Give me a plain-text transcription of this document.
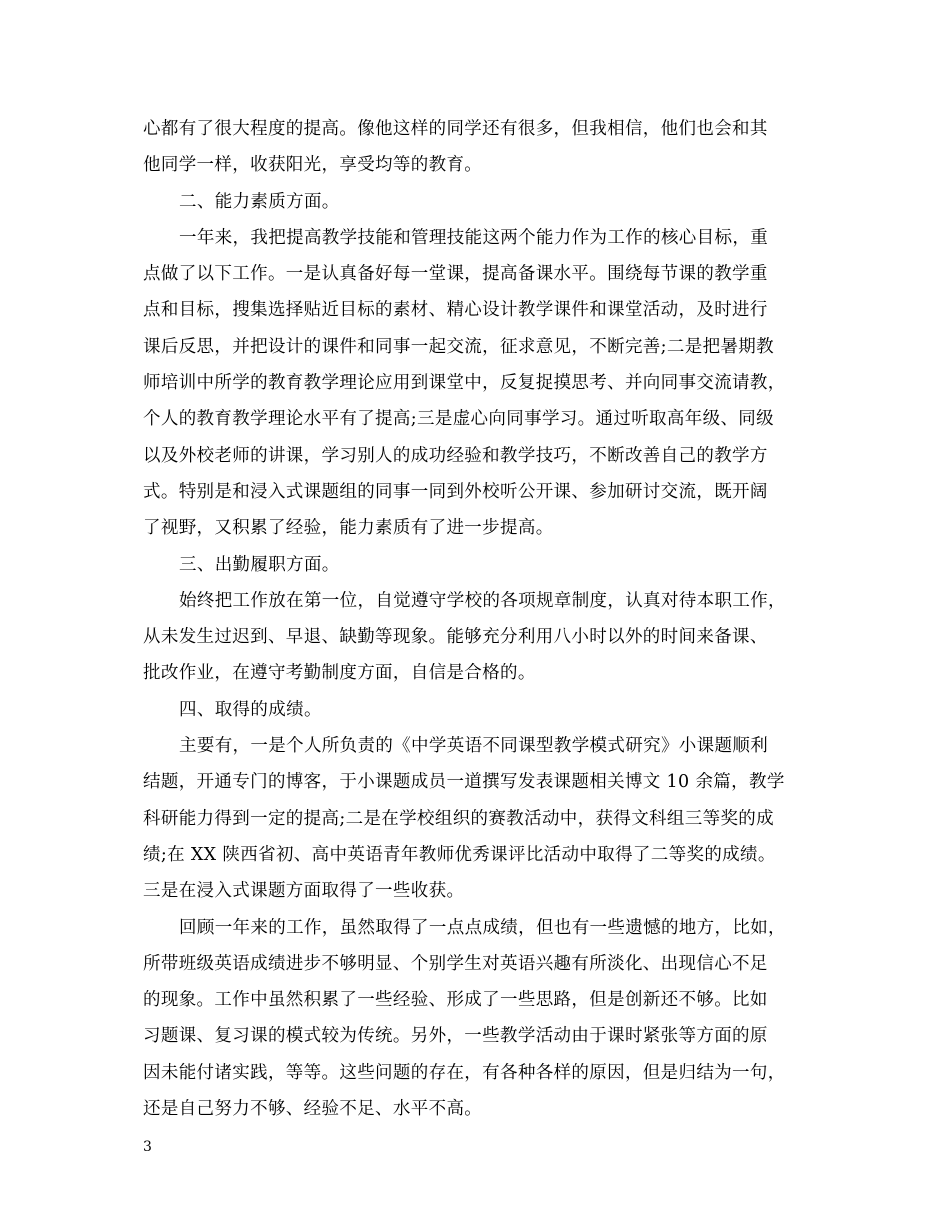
心都有了很大程度的提高。像他这样的同学还有很多，但我相信，他们也会和其
他同学一样，收获阳光，享受均等的教育。
二、能力素质方面。
一年来，我把提高教学技能和管理技能这两个能力作为工作的核心目标，重
点做了以下工作。一是认真备好每一堂课，提高备课水平。围绕每节课的教学重
点和目标，搜集选择贴近目标的素材、精心设计教学课件和课堂活动，及时进行
课后反思，并把设计的课件和同事一起交流，征求意见，不断完善;二是把暑期教
师培训中所学的教育教学理论应用到课堂中，反复捉摸思考、并向同事交流请教，
个人的教育教学理论水平有了提高;三是虚心向同事学习。通过听取高年级、同级
以及外校老师的讲课，学习别人的成功经验和教学技巧，不断改善自己的教学方
式。特别是和浸入式课题组的同事一同到外校听公开课、参加研讨交流，既开阔
了视野，又积累了经验，能力素质有了进一步提高。
三、出勤履职方面。
始终把工作放在第一位，自觉遵守学校的各项规章制度，认真对待本职工作，
从未发生过迟到、早退、缺勤等现象。能够充分利用八小时以外的时间来备课、
批改作业，在遵守考勤制度方面，自信是合格的。
四、取得的成绩。
主要有，一是个人所负责的《中学英语不同课型教学模式研究》小课题顺利
结题，开通专门的博客，于小课题成员一道撰写发表课题相关博文 10 余篇，教学
科研能力得到一定的提高;二是在学校组织的赛教活动中，获得文科组三等奖的成
绩;在 XX 陕西省初、高中英语青年教师优秀课评比活动中取得了二等奖的成绩。
三是在浸入式课题方面取得了一些收获。
回顾一年来的工作，虽然取得了一点点成绩，但也有一些遗憾的地方，比如，
所带班级英语成绩进步不够明显、个别学生对英语兴趣有所淡化、出现信心不足
的现象。工作中虽然积累了一些经验、形成了一些思路，但是创新还不够。比如
习题课、复习课的模式较为传统。另外，一些教学活动由于课时紧张等方面的原
因未能付诸实践，等等。这些问题的存在，有各种各样的原因，但是归结为一句，
还是自己努力不够、经验不足、水平不高。
3
